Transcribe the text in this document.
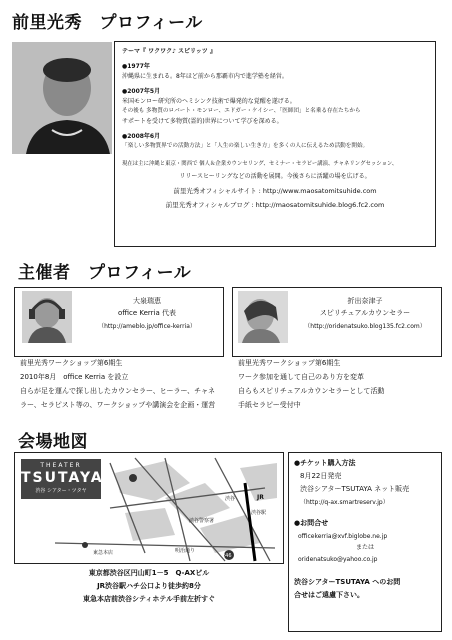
前里光秀　プロフィール
テーマ『 ワクワク♪ スピリッツ 』
●1977年
沖縄県に生まれる。8年ほど前から那覇市内で進学塾を経営。
●2007年5月
米国モンロー研究所のヘミシンク技術で爆発的な覚醒を遂げる。
その後も 多物質のロバート・モンロー、エドガー・ケイシー、「医師団」と名乗る存在たちから
サポートを受けて多物質(霊的)世界について学びを深める。
●2008年6月
「楽しい多物質界での活動方法」と「人生の楽しい生き方」を多くの人に伝えるため活動を開始。
現在は主に沖縄と東京・関西で 個人＆企業カウンセリング、セミナー・セラピー講演、チャネリングセッション、
リリースヒーリングなどの活動を展開。今後さらに活躍の場を広げる。
前里光秀オフィシャルサイト : http://www.maosatomitsuhide.com
前里光秀オフィシャルブログ : http://maosatomitsuhide.blog6.fc2.com
主催者　プロフィール
大泉瑞恵
office Kerria 代表
（http://ameblo.jp/office-kerria）
前里光秀ワークショップ第6期生
2010年8月　office Kerria を設立
自らが足を運んで探し出したカウンセラー、ヒーラー、チャネ
ラー、セラピスト等の、ワークショップや講演会を企画・運営
折出奈津子
スピリチュアルカウンセラー
（http://oridenatsuko.blog135.fc2.com）
前里光秀ワークショップ第6期生
ワーク参加を通して自己のあり方を変革
自らもスピリチュアルカウンセラーとして活動
手紙セラピー受付中
会場地図
THEATER
TSUTAYA
渋谷 シアター・ツタヤ
JR
渋谷
渋谷駅
渋谷警察署
246
明治通り
東急本店
東京都渋谷区円山町1－5　Q-AXビル
JR渋谷駅ハチ公口より徒歩約8分
東急本店前渋谷シティホテル手前左折すぐ
●チケット購入方法
8月22日発売
渋谷シアターTSUTAYA ネット販売
（http://q-ax.smartreserv.jp）
●お問合せ
officekerria@xvf.biglobe.ne.jp
または
oridenatsuko@yahoo.co.jp
渋谷シアターTSUTAYA へのお問
合せはご遠慮下さい。
